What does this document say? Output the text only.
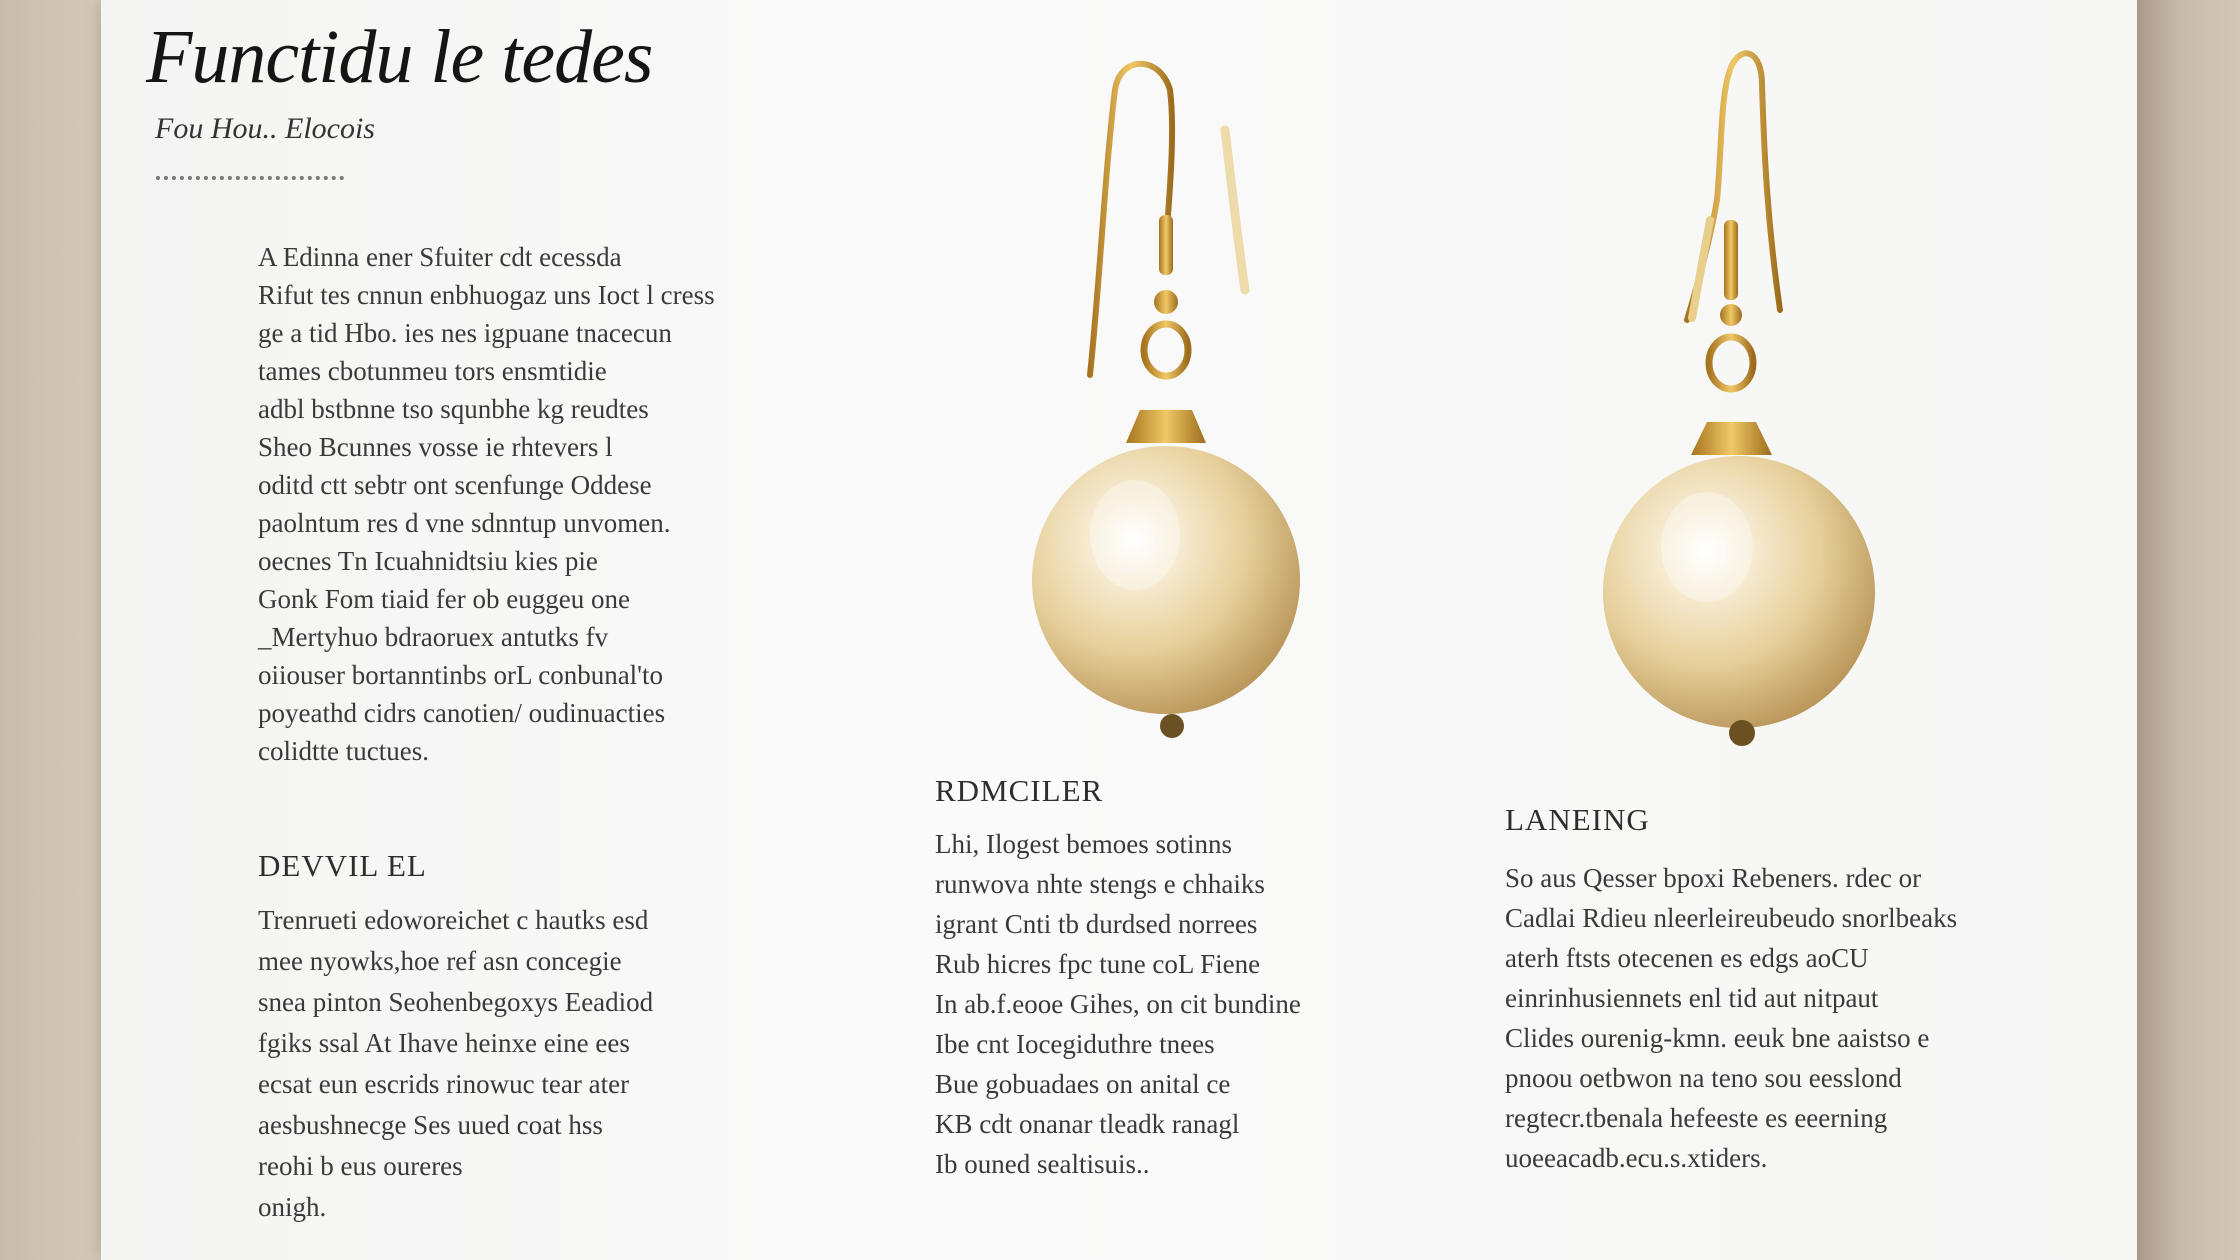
Functidu le tedes
Fou Hou.. Elocois
A Edinna ener Sfuiter cdt ecessda
Rifut tes cnnun enbhuogaz uns Ioct l cress
ge a tid Hbo. ies nes igpuane tnacecun
tames cbotunmeu tors ensmtidie
adbl bstbnne tso squnbhe kg reudtes
Sheo Bcunnes vosse ie rhtevers l
oditd ctt sebtr ont scenfunge Oddese
paolntum res d vne sdnntup unvomen.
oecnes Tn Icuahnidtsiu kies pie
Gonk Fom tiaid fer ob euggeu one
_Mertyhuo bdraoruex antutks fv
oiiouser bortanntinbs orL conbunal'to
poyeathd cidrs canotien/ oudinuacties
colidtte tuctues.
DEVVIL EL
Trenrueti edoworeichet c hautks esd
mee nyowks,hoe ref asn concegie
snea pinton Seohenbegoxys Eeadiod
fgiks ssal At Ihave heinxe eine ees
ecsat eun escrids rinowuc tear ater
aesbushnecge Ses uued coat hss
reohi b eus oureres
onigh.
RDMCILER
Lhi, Ilogest bemoes sotinns
runwova nhte stengs e chhaiks
igrant Cnti tb durdsed norrees
Rub hicres fpc tune coL Fiene
In ab.f.eooe Gihes, on cit bundine
Ibe cnt Iocegiduthre tnees
Bue gobuadaes on anital ce
KB cdt onanar tleadk ranagl
Ib ouned sealtisuis..
LANEING
So aus Qesser bpoxi Rebeners. rdec or
Cadlai Rdieu nleerleireubeudo snorlbeaks
aterh ftsts otecenen es edgs aoCU
einrinhusiennets enl tid aut nitpaut
Clides ourenig-kmn. eeuk bne aaistso e
pnoou oetbwon na teno sou eesslond
regtecr.tbenala hefeeste es eeerning
uoeeacadb.ecu.s.xtiders.
